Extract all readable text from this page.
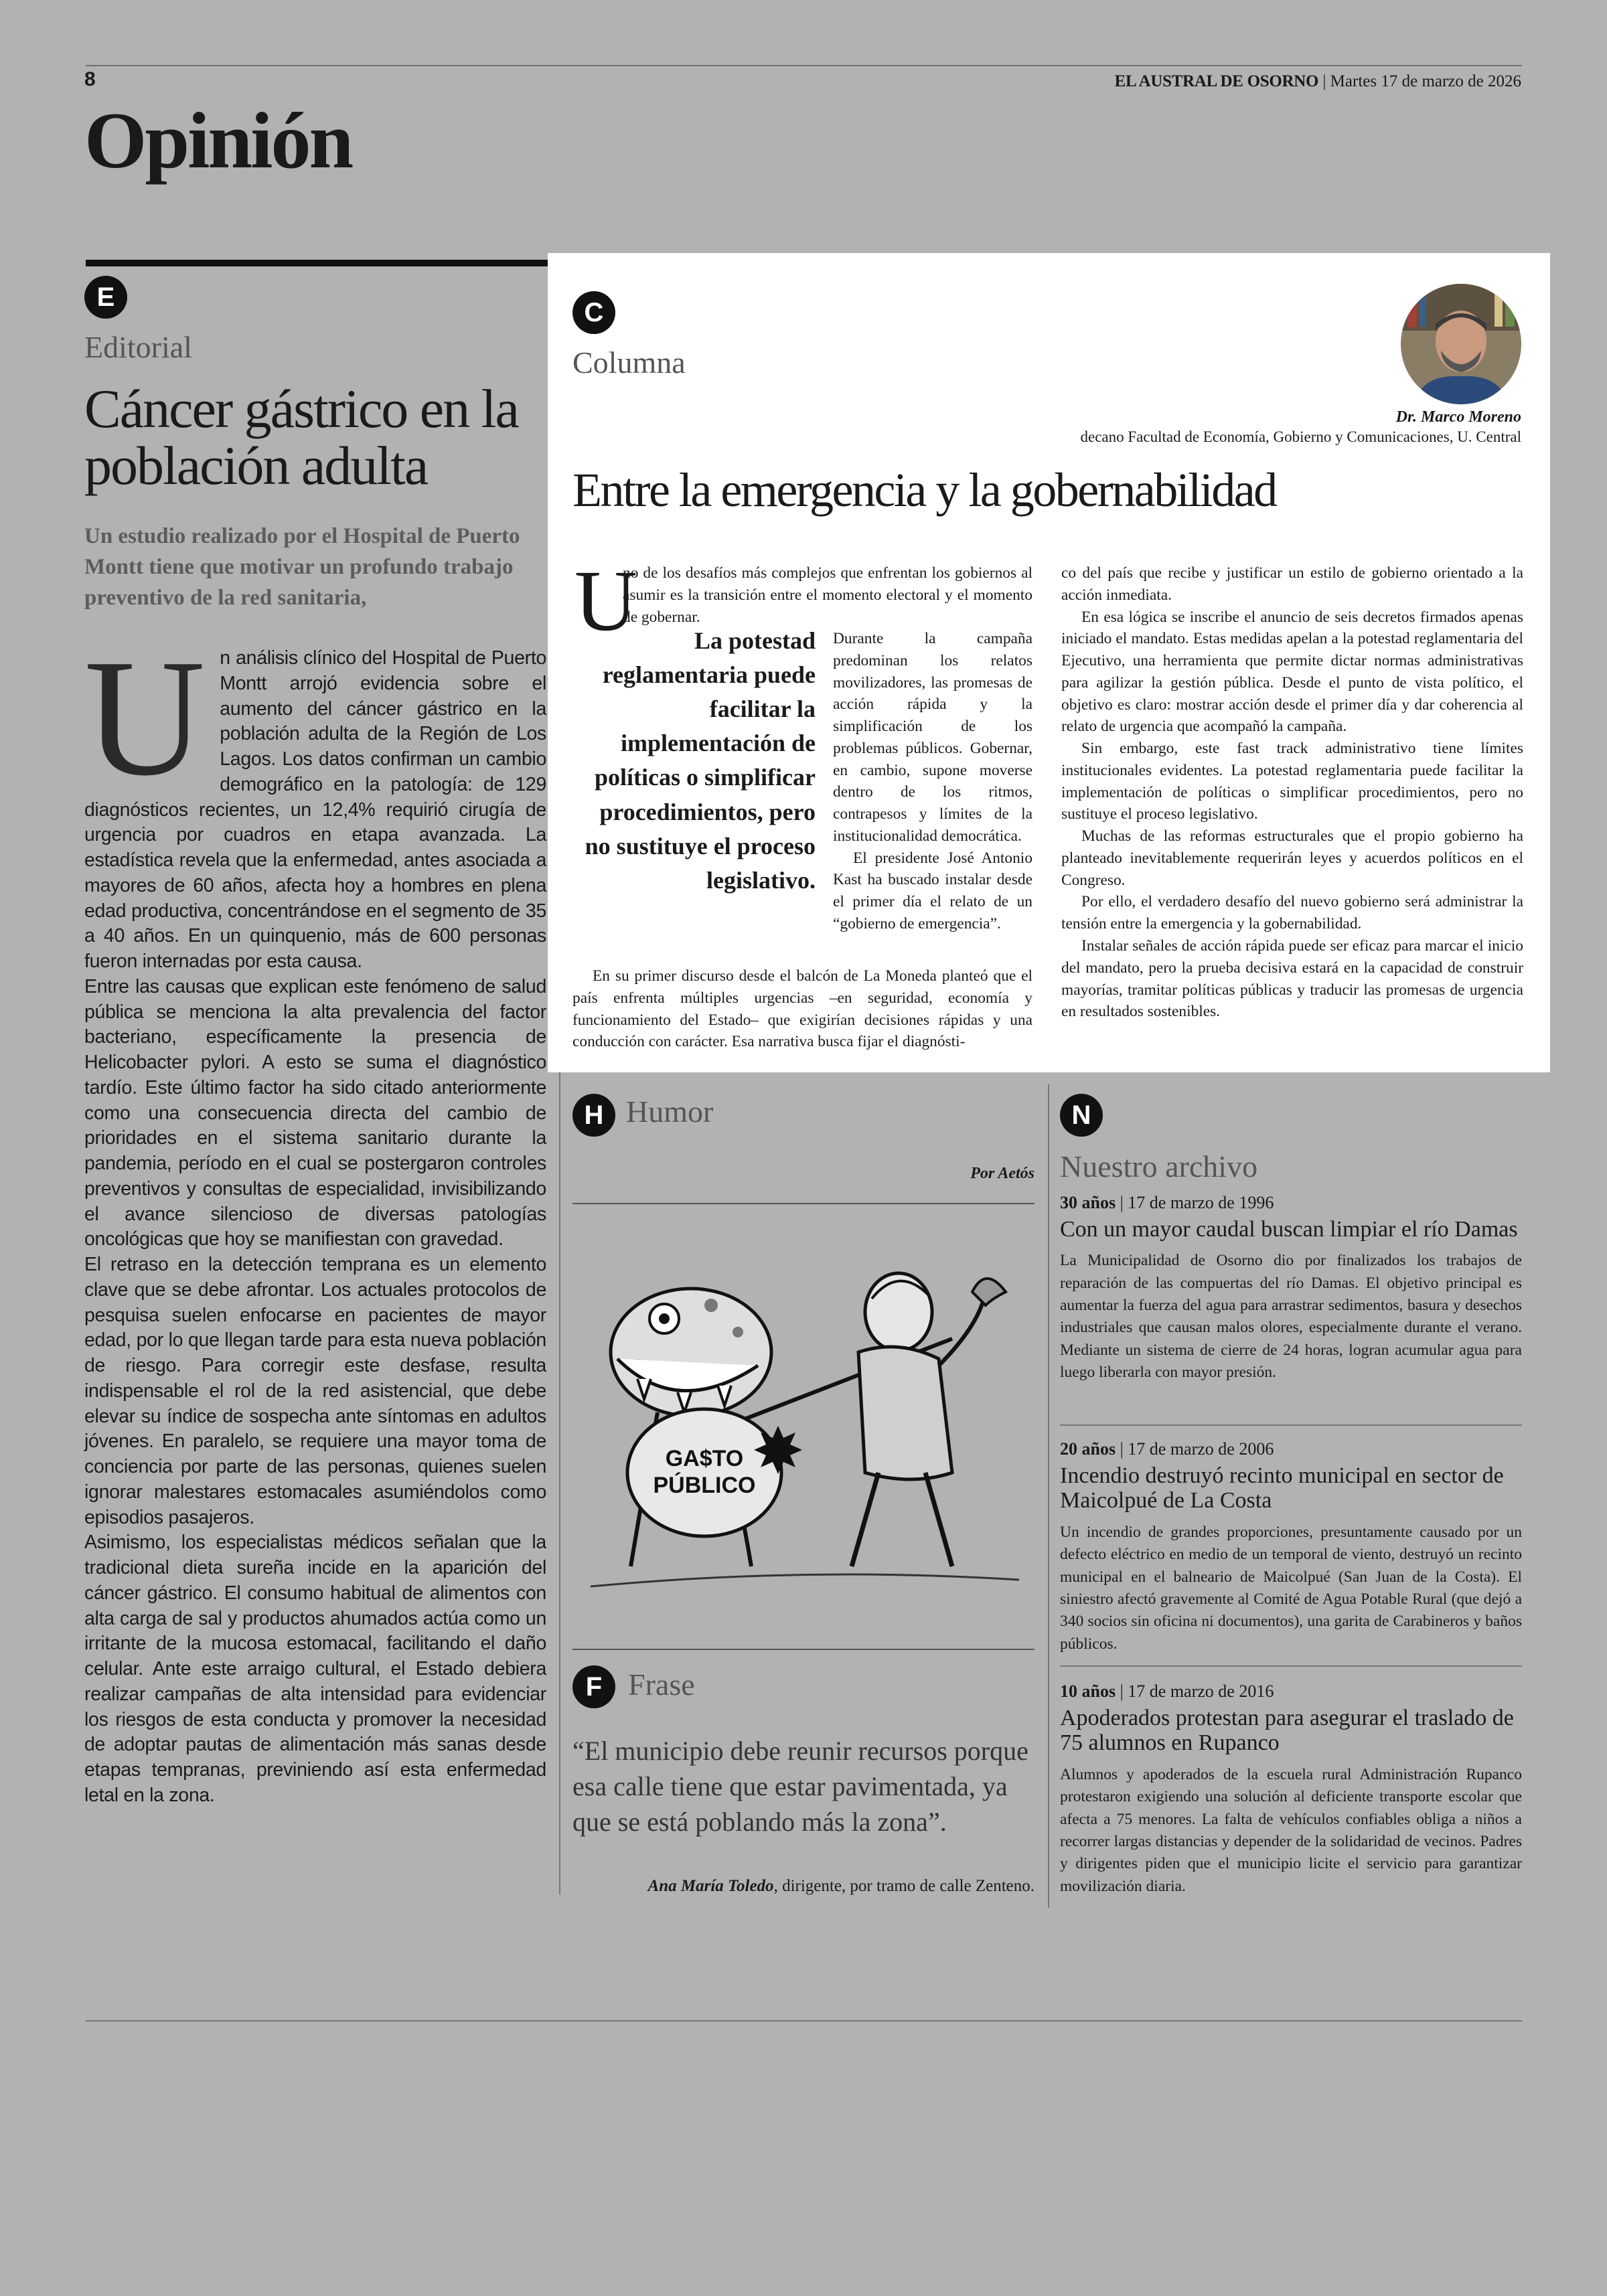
8	EL AUSTRAL DE OSORNO | Martes 17 de marzo de 2026
Opinión
E
Editorial
Cáncer gástrico en la población adulta
Un estudio realizado por el Hospital de Puerto Montt tiene que motivar un profundo trabajo preventivo de la red sanitaria,

Un análisis clínico del Hospital de Puerto Montt arrojó evidencia sobre el aumento del cáncer gástrico en la población adulta de la Región de Los Lagos. Los datos confirman un cambio demográfico en la patología: de 129 diagnósticos recientes, un 12,4% requirió cirugía de urgencia por cuadros en etapa avanzada. La estadística revela que la enfermedad, antes asociada a mayores de 60 años, afecta hoy a hombres en plena edad productiva, concentrándose en el segmento de 35 a 40 años. En un quinquenio, más de 600 personas fueron internadas por esta causa.

Entre las causas que explican este fenómeno de salud pública se menciona la alta prevalencia del factor bacteriano, específicamente la presencia de Helicobacter pylori. A esto se suma el diagnóstico tardío. Este último factor ha sido citado anteriormente como una consecuencia directa del cambio de prioridades en el sistema sanitario durante la pandemia, período en el cual se postergaron controles preventivos y consultas de especialidad, invisibilizando el avance silencioso de diversas patologías oncológicas que hoy se manifiestan con gravedad.

El retraso en la detección temprana es un elemento clave que se debe afrontar. Los actuales protocolos de pesquisa suelen enfocarse en pacientes de mayor edad, por lo que llegan tarde para esta nueva población de riesgo. Para corregir este desfase, resulta indispensable el rol de la red asistencial, que debe elevar su índice de sospecha ante síntomas en adultos jóvenes. En paralelo, se requiere una mayor toma de conciencia por parte de las personas, quienes suelen ignorar malestares estomacales asumiéndolos como episodios pasajeros.

Asimismo, los especialistas médicos señalan que la tradicional dieta sureña incide en la aparición del cáncer gástrico. El consumo habitual de alimentos con alta carga de sal y productos ahumados actúa como un irritante de la mucosa estomacal, facilitando el daño celular. Ante este arraigo cultural, el Estado debiera realizar campañas de alta intensidad para evidenciar los riesgos de esta conducta y promover la necesidad de adoptar pautas de alimentación más sanas desde etapas tempranas, previniendo así esta enfermedad letal en la zona.

C
Columna
Dr. Marco Moreno
decano Facultad de Economía, Gobierno y Comunicaciones, U. Central
Entre la emergencia y la gobernabilidad
U
no de los desafíos más complejos que enfrentan los gobiernos al asumir es la transición entre el momento electoral y el momento de gobernar.
La potestad reglamentaria puede facilitar la implementación de políticas o simplificar procedimientos, pero no sustituye el proceso legislativo.

Durante la campaña predominan los relatos movilizadores, las promesas de acción rápida y la simplificación de los problemas públicos. Gobernar, en cambio, supone moverse dentro de los ritmos, contrapesos y límites de la institucionalidad democrática.

El presidente José Antonio Kast ha buscado instalar desde el primer día el relato de un “gobierno de emergencia”.

En su primer discurso desde el balcón de La Moneda planteó que el país enfrenta múltiples urgencias –en seguridad, economía y funcionamiento del Estado– que exigirían decisiones rápidas y una conducción con carácter. Esa narrativa busca fijar el diagnósti-

co del país que recibe y justificar un estilo de gobierno orientado a la acción inmediata.

En esa lógica se inscribe el anuncio de seis decretos firmados apenas iniciado el mandato. Estas medidas apelan a la potestad reglamentaria del Ejecutivo, una herramienta que permite dictar normas administrativas para agilizar la gestión pública. Desde el punto de vista político, el objetivo es claro: mostrar acción desde el primer día y dar coherencia al relato de urgencia que acompañó la campaña.

Sin embargo, este fast track administrativo tiene límites institucionales evidentes. La potestad reglamentaria puede facilitar la implementación de políticas o simplificar procedimientos, pero no sustituye el proceso legislativo.

Muchas de las reformas estructurales que el propio gobierno ha planteado inevitablemente requerirán leyes y acuerdos políticos en el Congreso.

Por ello, el verdadero desafío del nuevo gobierno será administrar la tensión entre la emergencia y la gobernabilidad.

Instalar señales de acción rápida puede ser eficaz para marcar el inicio del mandato, pero la prueba decisiva estará en la capacidad de construir mayorías, tramitar políticas públicas y traducir las promesas de urgencia en resultados sostenibles.

H Humor
Por Aetós
GA$TO
PÚBLICO
F Frase
“El municipio debe reunir recursos porque esa calle tiene que estar pavimentada, ya que se está poblando más la zona”.
Ana María Toledo, dirigente, por tramo de calle Zenteno.
N
Nuestro archivo
30 años | 17 de marzo de 1996
Con un mayor caudal buscan limpiar el río Damas
La Municipalidad de Osorno dio por finalizados los trabajos de reparación de las compuertas del río Damas. El objetivo principal es aumentar la fuerza del agua para arrastrar sedimentos, basura y desechos industriales que causan malos olores, especialmente durante el verano. Mediante un sistema de cierre de 24 horas, logran acumular agua para luego liberarla con mayor presión.
20 años | 17 de marzo de 2006
Incendio destruyó recinto municipal en sector de Maicolpué de La Costa
Un incendio de grandes proporciones, presuntamente causado por un defecto eléctrico en medio de un temporal de viento, destruyó un recinto municipal en el balneario de Maicolpué (San Juan de la Costa). El siniestro afectó gravemente al Comité de Agua Potable Rural (que dejó a 340 socios sin oficina ni documentos), una garita de Carabineros y baños públicos.
10 años | 17 de marzo de 2016
Apoderados protestan para asegurar el traslado de 75 alumnos en Rupanco
Alumnos y apoderados de la escuela rural Administración Rupanco protestaron exigiendo una solución al deficiente transporte escolar que afecta a 75 menores. La falta de vehículos confiables obliga a niños a recorrer largas distancias y depender de la solidaridad de vecinos. Padres y dirigentes piden que el municipio licite el servicio para garantizar movilización diaria.
